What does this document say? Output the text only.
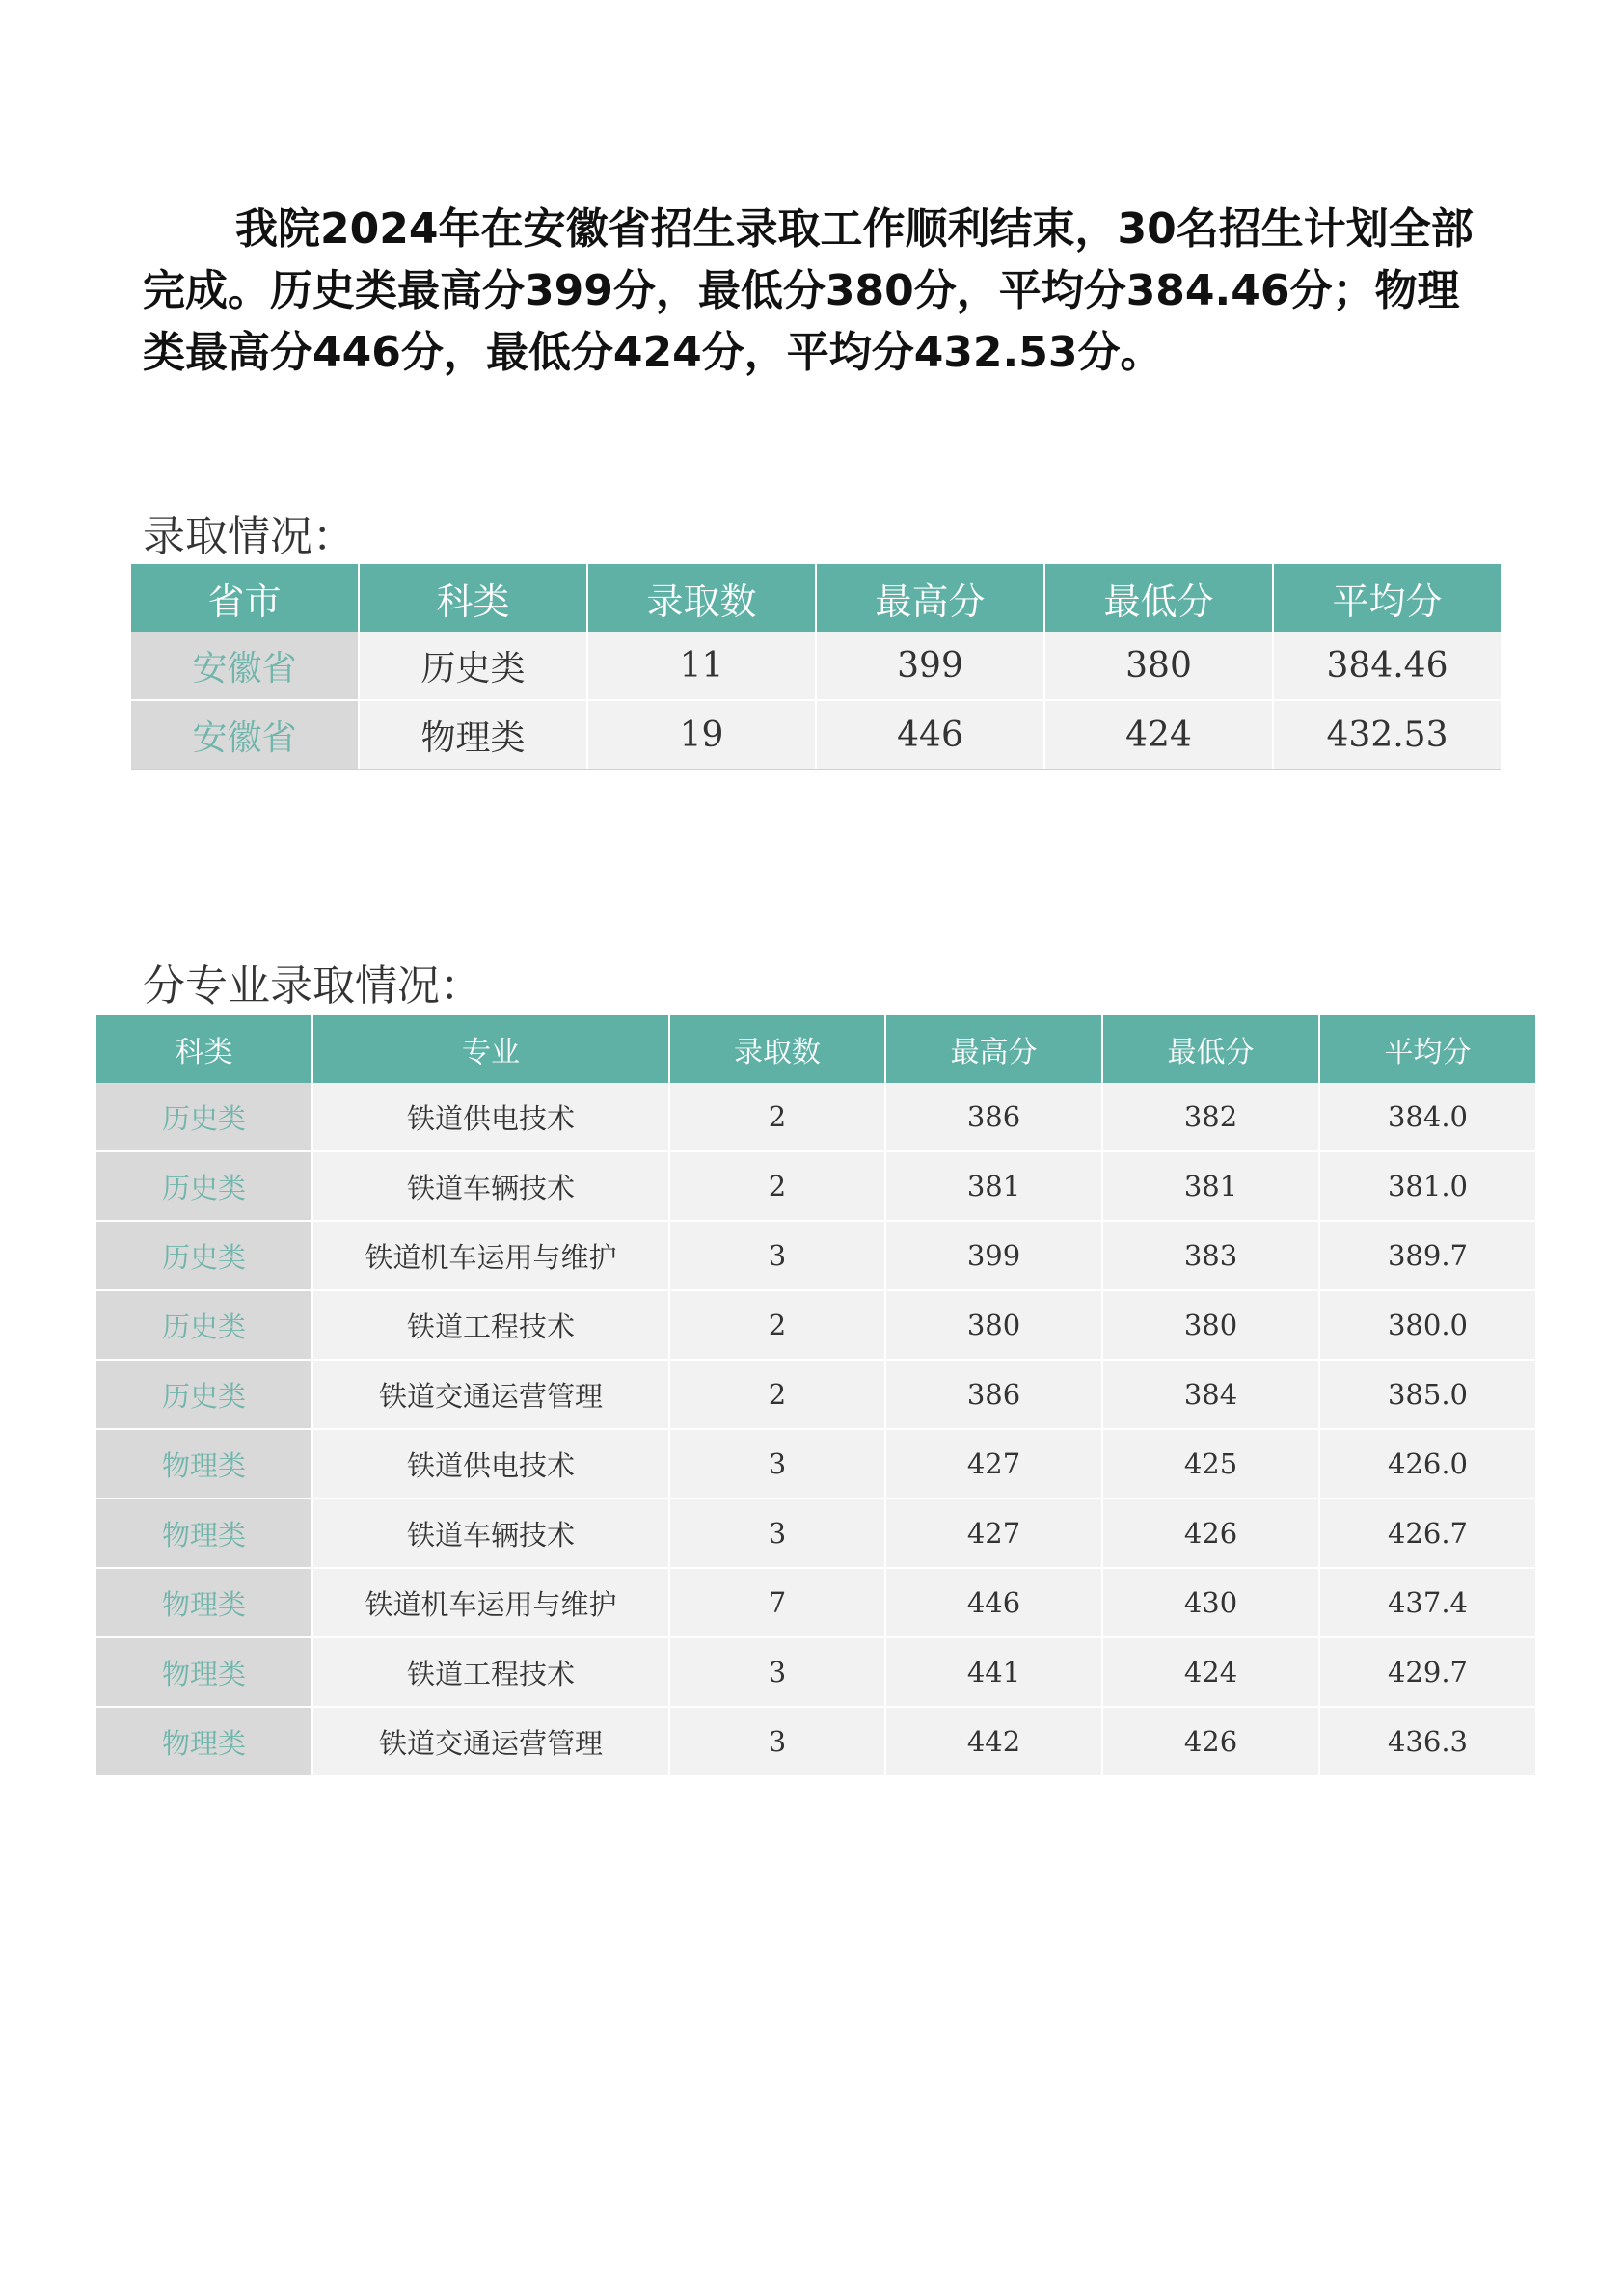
我院2024年在安徽省招生录取工作顺利结束，30名招生计划全部完成。历史类最高分399分，最低分380分，平均分384.46分；物理类最高分446分，最低分424分，平均分432.53分。

录取情况：
省市	科类	录取数	最高分	最低分	平均分
安徽省	历史类	11	399	380	384.46
安徽省	物理类	19	446	424	432.53
分专业录取情况：
科类	专业	录取数	最高分	最低分	平均分
历史类	铁道供电技术	2	386	382	384.0
历史类	铁道车辆技术	2	381	381	381.0
历史类	铁道机车运用与维护	3	399	383	389.7
历史类	铁道工程技术	2	380	380	380.0
历史类	铁道交通运营管理	2	386	384	385.0
物理类	铁道供电技术	3	427	425	426.0
物理类	铁道车辆技术	3	427	426	426.7
物理类	铁道机车运用与维护	7	446	430	437.4
物理类	铁道工程技术	3	441	424	429.7
物理类	铁道交通运营管理	3	442	426	436.3
